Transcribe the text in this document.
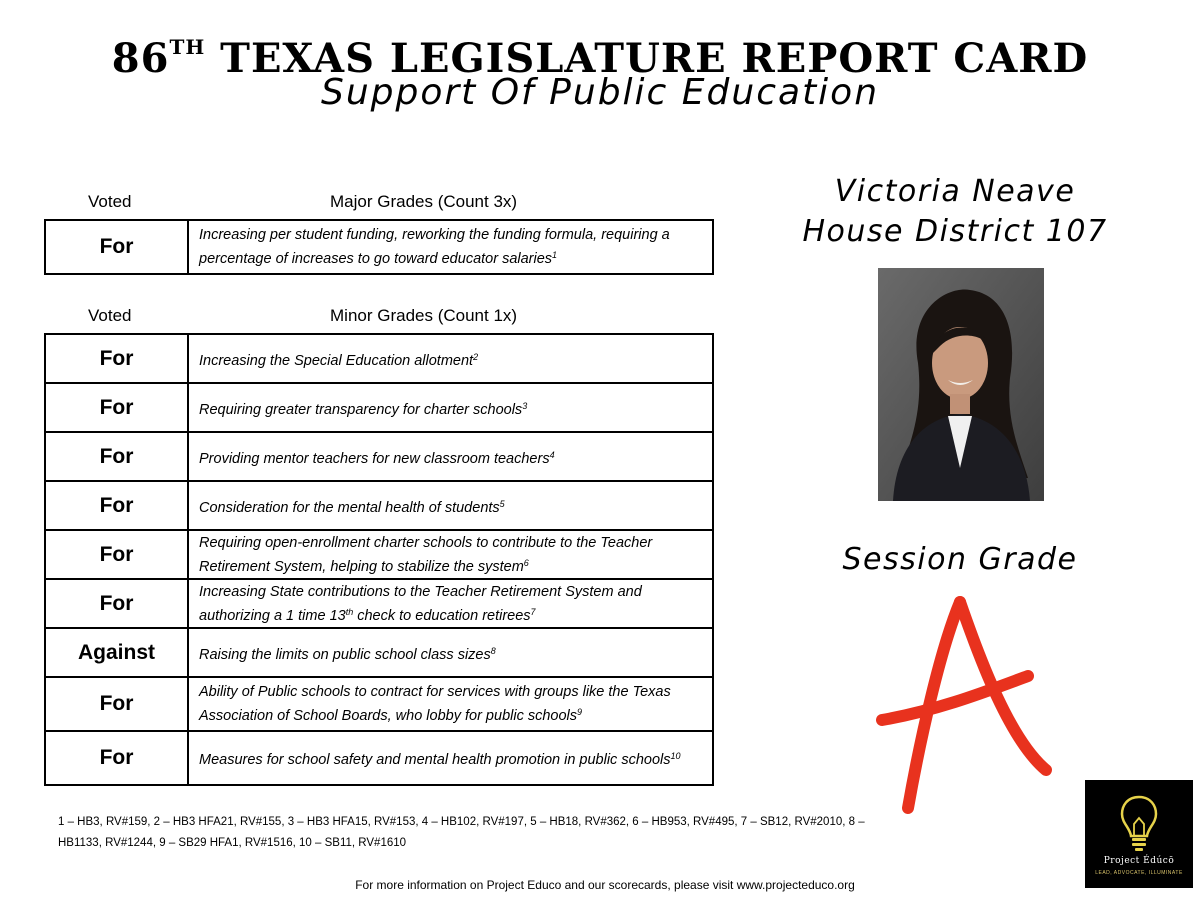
86TH TEXAS LEGISLATURE REPORT CARD
Support Of Public Education
Voted	Major Grades (Count 3x)
For	Increasing per student funding, reworking the funding formula, requiring a percentage of increases to go toward educator salaries$^1$
Voted	Minor Grades (Count 1x)
For	Increasing the Special Education allotment$^2$
For	Requiring greater transparency for charter schools$^3$
For	Providing mentor teachers for new classroom teachers$^4$
For	Consideration for the mental health of students$^5$
For	Requiring open-enrollment charter schools to contribute to the Teacher Retirement System, helping to stabilize the system$^6$
For	Increasing State contributions to the Teacher Retirement System and authorizing a 1 time 13th check to education retirees$^7$
Against	Raising the limits on public school class sizes$^8$
For	Ability of Public schools to contract for services with groups like the Texas Association of School Boards, who lobby for public schools$^9$
For	Measures for school safety and mental health promotion in public schools$^{10}$
Victoria Neave
House District 107
Session Grade
1 – HB3, RV#159, 2 – HB3 HFA21, RV#155, 3 – HB3 HFA15, RV#153, 4 – HB102, RV#197, 5 – HB18, RV#362, 6 – HB953, RV#495, 7 – SB12, RV#2010, 8 – HB1133, RV#1244, 9 – SB29 HFA1, RV#1516, 10 – SB11, RV#1610
For more information on Project Educo and our scorecards, please visit www.projecteduco.org
Project Édúcō
LEAD, ADVOCATE, ILLUMINATE
